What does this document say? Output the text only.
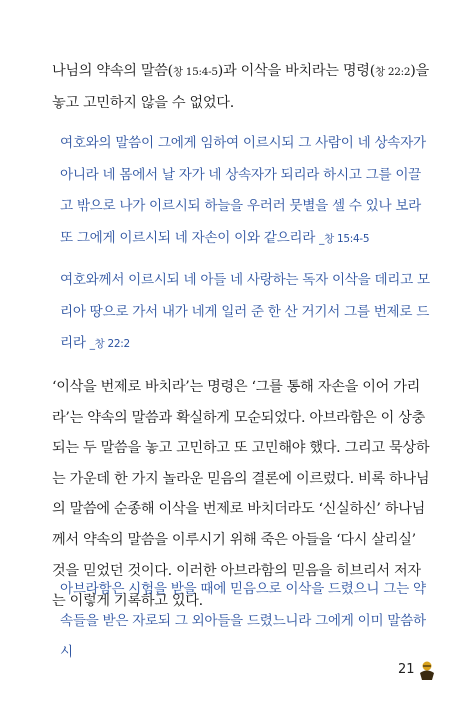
나님의 약속의 말씀(창 15:4-5)과 이삭을 바치라는 명령(창 22:2)을 놓고 고민하지 않을 수 없었다.

여호와의 말씀이 그에게 임하여 이르시되 그 사람이 네 상속자가 아니라 네 몸에서 날 자가 네 상속자가 되리라 하시고 그를 이끌고 밖으로 나가 이르시되 하늘을 우러러 뭇별을 셀 수 있나 보라 또 그에게 이르시되 네 자손이 이와 같으리라 _창 15:4-5

여호와께서 이르시되 네 아들 네 사랑하는 독자 이삭을 데리고 모리아 땅으로 가서 내가 네게 일러 준 한 산 거기서 그를 번제로 드리라 _창 22:2

‘이삭을 번제로 바치라’는 명령은 ‘그를 통해 자손을 이어 가리라’는 약속의 말씀과 확실하게 모순되었다. 아브라함은 이 상충되는 두 말씀을 놓고 고민하고 또 고민해야 했다. 그리고 묵상하는 가운데 한 가지 놀라운 믿음의 결론에 이르렀다. 비록 하나님의 말씀에 순종해 이삭을 번제로 바치더라도 ‘신실하신’ 하나님께서 약속의 말씀을 이루시기 위해 죽은 아들을 ‘다시 살리실’ 것을 믿었던 것이다. 이러한 아브라함의 믿음을 히브리서 저자는 이렇게 기록하고 있다.

아브라함은 시험을 받을 때에 믿음으로 이삭을 드렸으니 그는 약속들을 받은 자로되 그 외아들을 드렸느니라 그에게 이미 말씀하시

21
